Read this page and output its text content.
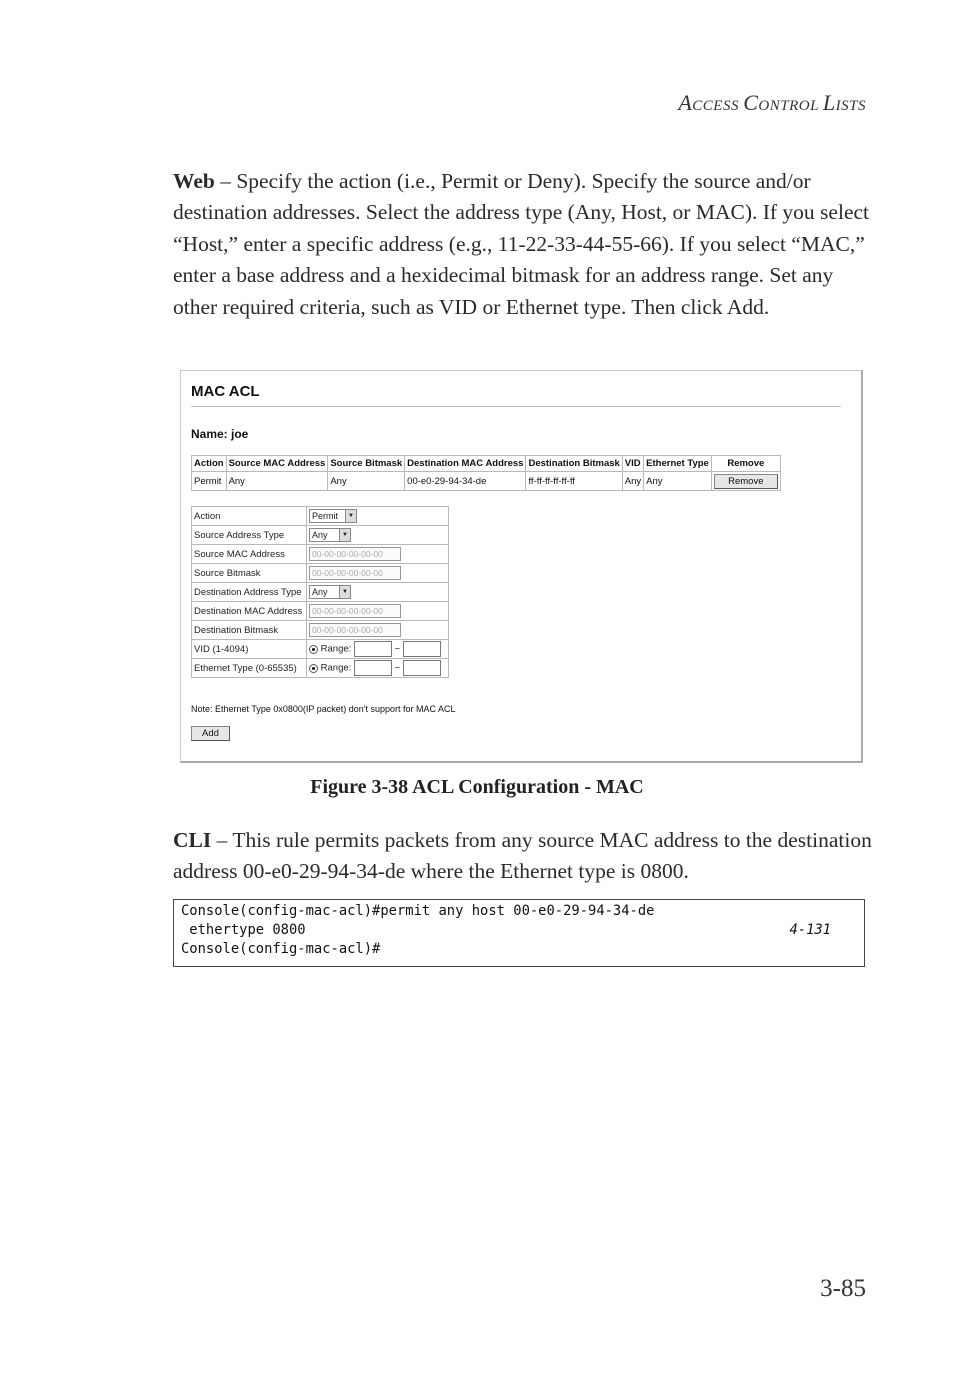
ACCESS CONTROL LISTS
Web – Specify the action (i.e., Permit or Deny). Specify the source and/or destination addresses. Select the address type (Any, Host, or MAC). If you select “Host,” enter a specific address (e.g., 11-22-33-44-55-66). If you select “MAC,” enter a base address and a hexidecimal bitmask for an address range. Set any other required criteria, such as VID or Ethernet type. Then click Add.
MAC ACL
Name: joe
Action	Source MAC Address	Source Bitmask	Destination MAC Address	Destination Bitmask	VID	Ethernet Type	Remove
Permit	Any	Any	00-e0-29-94-34-de	ff-ff-ff-ff-ff-ff	Any	Any	Remove
Action	Permit ▼

Source Address Type	Any ▼

Source MAC Address	00-00-00-00-00-00
Source Bitmask	00-00-00-00-00-00
Destination Address Type	Any ▼

Destination MAC Address	00-00-00-00-00-00
Destination Bitmask	00-00-00-00-00-00
VID (1-4094)	Range: ~
Ethernet Type (0-65535)	Range: ~
Note: Ethernet Type 0x0800(IP packet) don't support for MAC ACL
Add
Figure 3-38 ACL Configuration - MAC
CLI – This rule permits packets from any source MAC address to the destination address 00-e0-29-94-34-de where the Ethernet type is 0800.
Console(config-mac-acl)#permit any host 00-e0-29-94-34-de
ethertype 0800	4-131
Console(config-mac-acl)#
3-85
